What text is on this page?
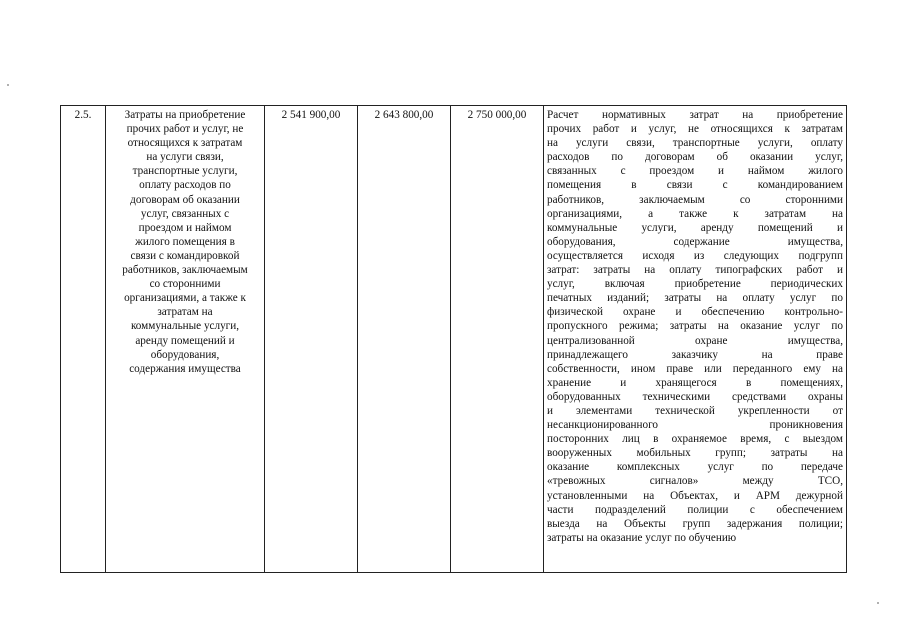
2.5.	Затраты на приобретение
прочих работ и услуг, не
относящихся к затратам
на услуги связи,
транспортные услуги,
оплату расходов по
договорам об оказании
услуг, связанных с
проездом и наймом
жилого помещения в
связи с командировкой
работников, заключаемым
со сторонними
организациями, а также к
затратам на
коммунальные услуги,
аренду помещений и
оборудования,
содержания имущества
	2 541 900,00	2 643 800,00	2 750 000,00	Расчет нормативных затрат на приобретение
прочих работ и услуг, не относящихся к затратам
на услуги связи, транспортные услуги, оплату
расходов по договорам об оказании услуг,
связанных с проездом и наймом жилого
помещения в связи с командированием
работников, заключаемым со сторонними
организациями, а также к затратам на
коммунальные услуги, аренду помещений и
оборудования, содержание имущества,
осуществляется исходя из следующих подгрупп
затрат: затраты на оплату типографских работ и
услуг, включая приобретение периодических
печатных изданий; затраты на оплату услуг по
физической охране и обеспечению контрольно-
пропускного режима; затраты на оказание услуг по
централизованной охране имущества,
принадлежащего заказчику на праве
собственности, ином праве или переданного ему на
хранение и хранящегося в помещениях,
оборудованных техническими средствами охраны
и элементами технической укрепленности от
несанкционированного проникновения
посторонних лиц в охраняемое время, с выездом
вооруженных мобильных групп; затраты на
оказание комплексных услуг по передаче
«тревожных сигналов» между ТСО,
установленными на Объектах, и АРМ дежурной
части подразделений полиции с обеспечением
выезда на Объекты групп задержания полиции;
затраты на оказание услуг по обучению
